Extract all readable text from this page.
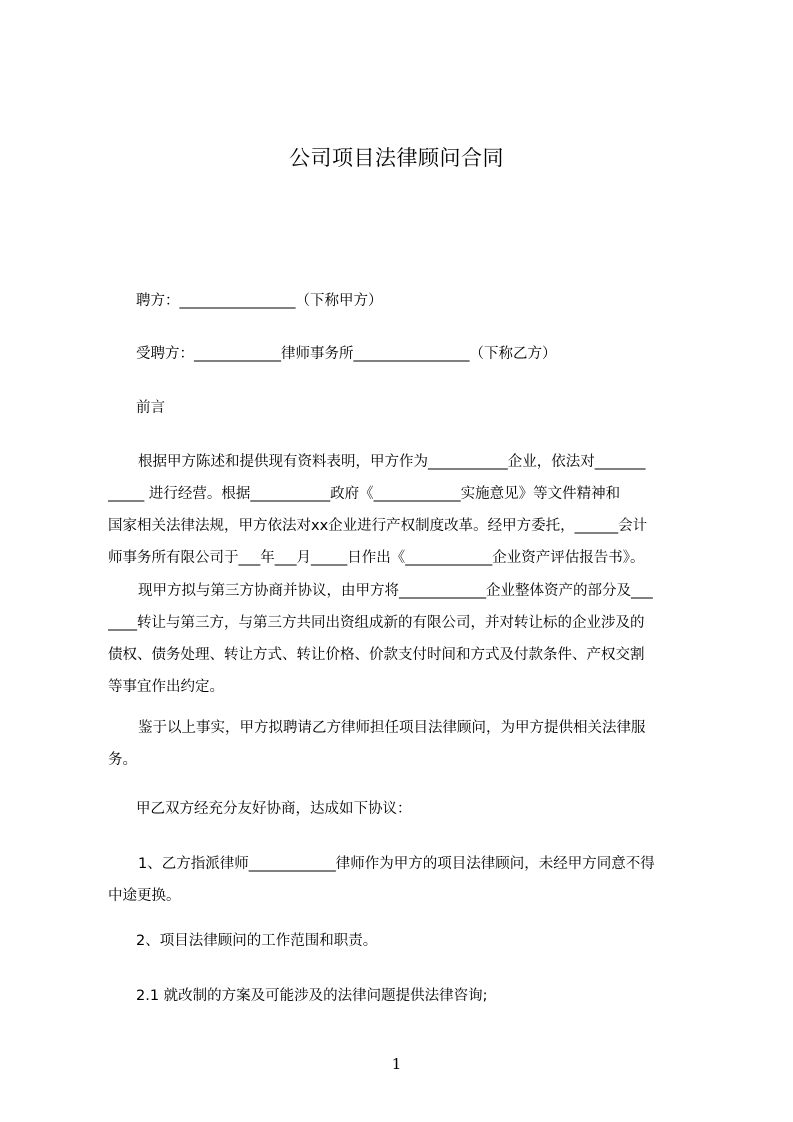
公司项目法律顾问合同
聘方：________________（下称甲方）
受聘方：____________律师事务所________________（下称乙方）
前言
根据甲方陈述和提供现有资料表明，甲方作为___________企业，依法对_______
_____ 进行经营。根据___________政府《____________实施意见》等文件精神和
国家相关法律法规，甲方依法对xx企业进行产权制度改革。经甲方委托，______会计
师事务所有限公司于___年___月_____日作出《____________企业资产评估报告书》。
现甲方拟与第三方协商并协议，由甲方将____________企业整体资产的部分及___
____转让与第三方，与第三方共同出资组成新的有限公司，并对转让标的企业涉及的
债权、债务处理、转让方式、转让价格、价款支付时间和方式及付款条件、产权交割
等事宜作出约定。
鉴于以上事实，甲方拟聘请乙方律师担任项目法律顾问，为甲方提供相关法律服
务。
甲乙双方经充分友好协商，达成如下协议：
1、乙方指派律师____________律师作为甲方的项目法律顾问，未经甲方同意不得
中途更换。
2、项目法律顾问的工作范围和职责。
2.1 就改制的方案及可能涉及的法律问题提供法律咨询;
1
